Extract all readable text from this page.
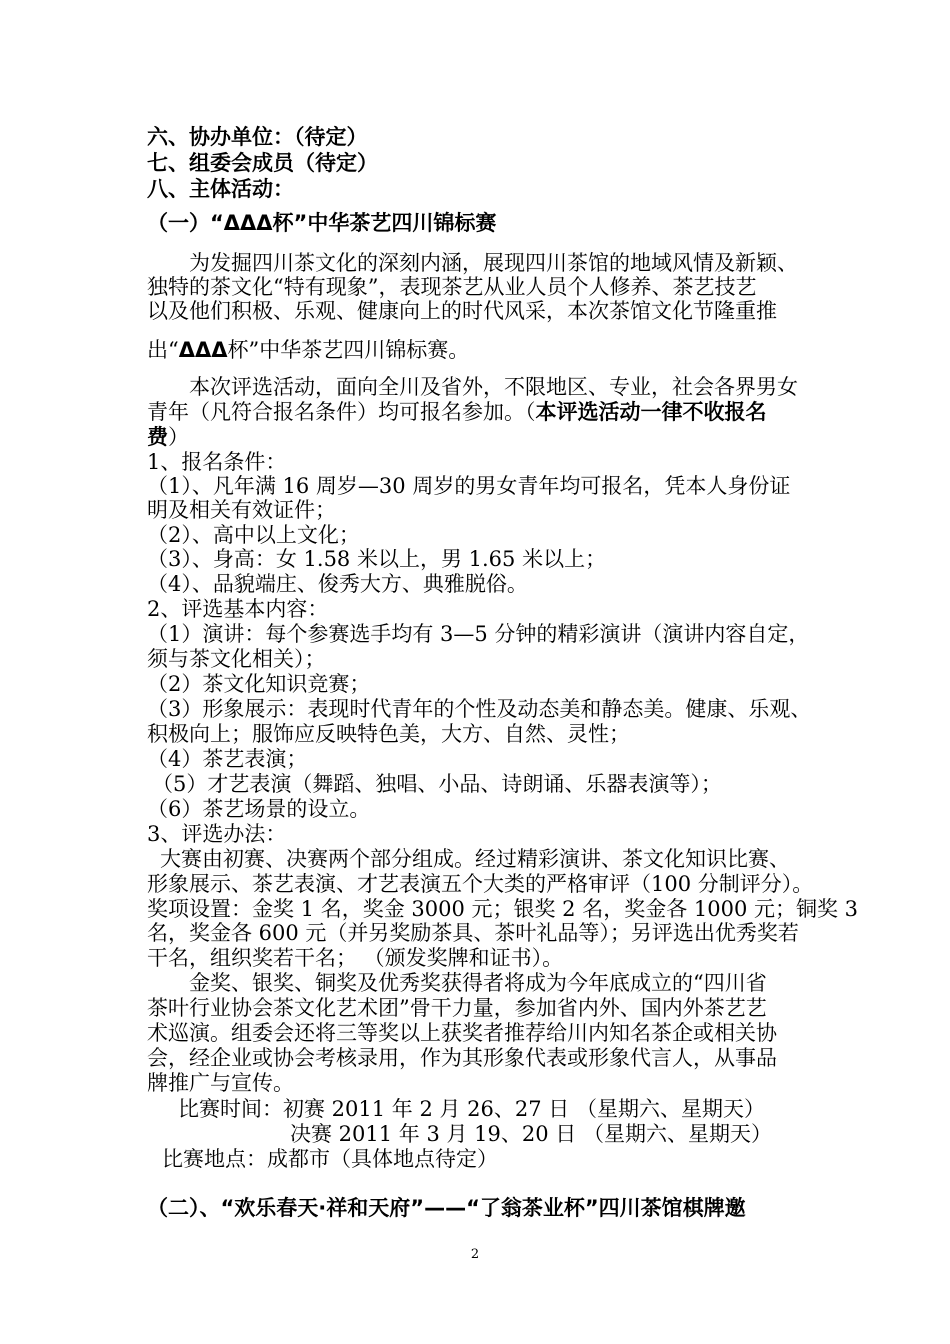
六、协办单位：（待定）
七、组委会成员（待定）
八、主体活动：
（一）“ΔΔΔ杯”中华茶艺四川锦标赛
为发掘四川茶文化的深刻内涵，展现四川茶馆的地域风情及新颖、
独特的茶文化“特有现象”，表现茶艺从业人员个人修养、茶艺技艺
以及他们积极、乐观、健康向上的时代风采，本次茶馆文化节隆重推
出“ΔΔΔ杯”中华茶艺四川锦标赛。
本次评选活动，面向全川及省外，不限地区、专业，社会各界男女
青年（凡符合报名条件）均可报名参加。（本评选活动一律不收报名
费）
1、报名条件：
（1）、凡年满 16 周岁—30 周岁的男女青年均可报名，凭本人身份证
明及相关有效证件；
（2）、高中以上文化；
（3）、身高：女 1.58 米以上，男 1.65 米以上；
（4）、品貌端庄、俊秀大方、典雅脱俗。
2、评选基本内容：
（1）演讲：每个参赛选手均有 3—5 分钟的精彩演讲（演讲内容自定，
须与茶文化相关）；
（2）茶文化知识竞赛；
（3）形象展示：表现时代青年的个性及动态美和静态美。健康、乐观、
积极向上；服饰应反映特色美，大方、自然、灵性；
（4）茶艺表演；
（5）才艺表演（舞蹈、独唱、小品、诗朗诵、乐器表演等）；
（6）茶艺场景的设立。
3、评选办法：
大赛由初赛、决赛两个部分组成。经过精彩演讲、茶文化知识比赛、
形象展示、茶艺表演、才艺表演五个大类的严格审评（100 分制评分）。
奖项设置：金奖 1 名，奖金 3000 元；银奖 2 名，奖金各 1000 元；铜奖 3
名，奖金各 600 元（并另奖励茶具、茶叶礼品等）；另评选出优秀奖若
干名，组织奖若干名； （颁发奖牌和证书）。
金奖、银奖、铜奖及优秀奖获得者将成为今年底成立的“四川省
茶叶行业协会茶文化艺术团”骨干力量，参加省内外、国内外茶艺艺
术巡演。组委会还将三等奖以上获奖者推荐给川内知名茶企或相关协
会，经企业或协会考核录用，作为其形象代表或形象代言人，从事品
牌推广与宣传。
比赛时间：初赛 2011 年 2 月 26、27 日 （星期六、星期天）
决赛 2011 年 3 月 19、20 日 （星期六、星期天）
比赛地点：成都市（具体地点待定）
（二）、“欢乐春天·祥和天府”——“了翁茶业杯”四川茶馆棋牌邀
2
